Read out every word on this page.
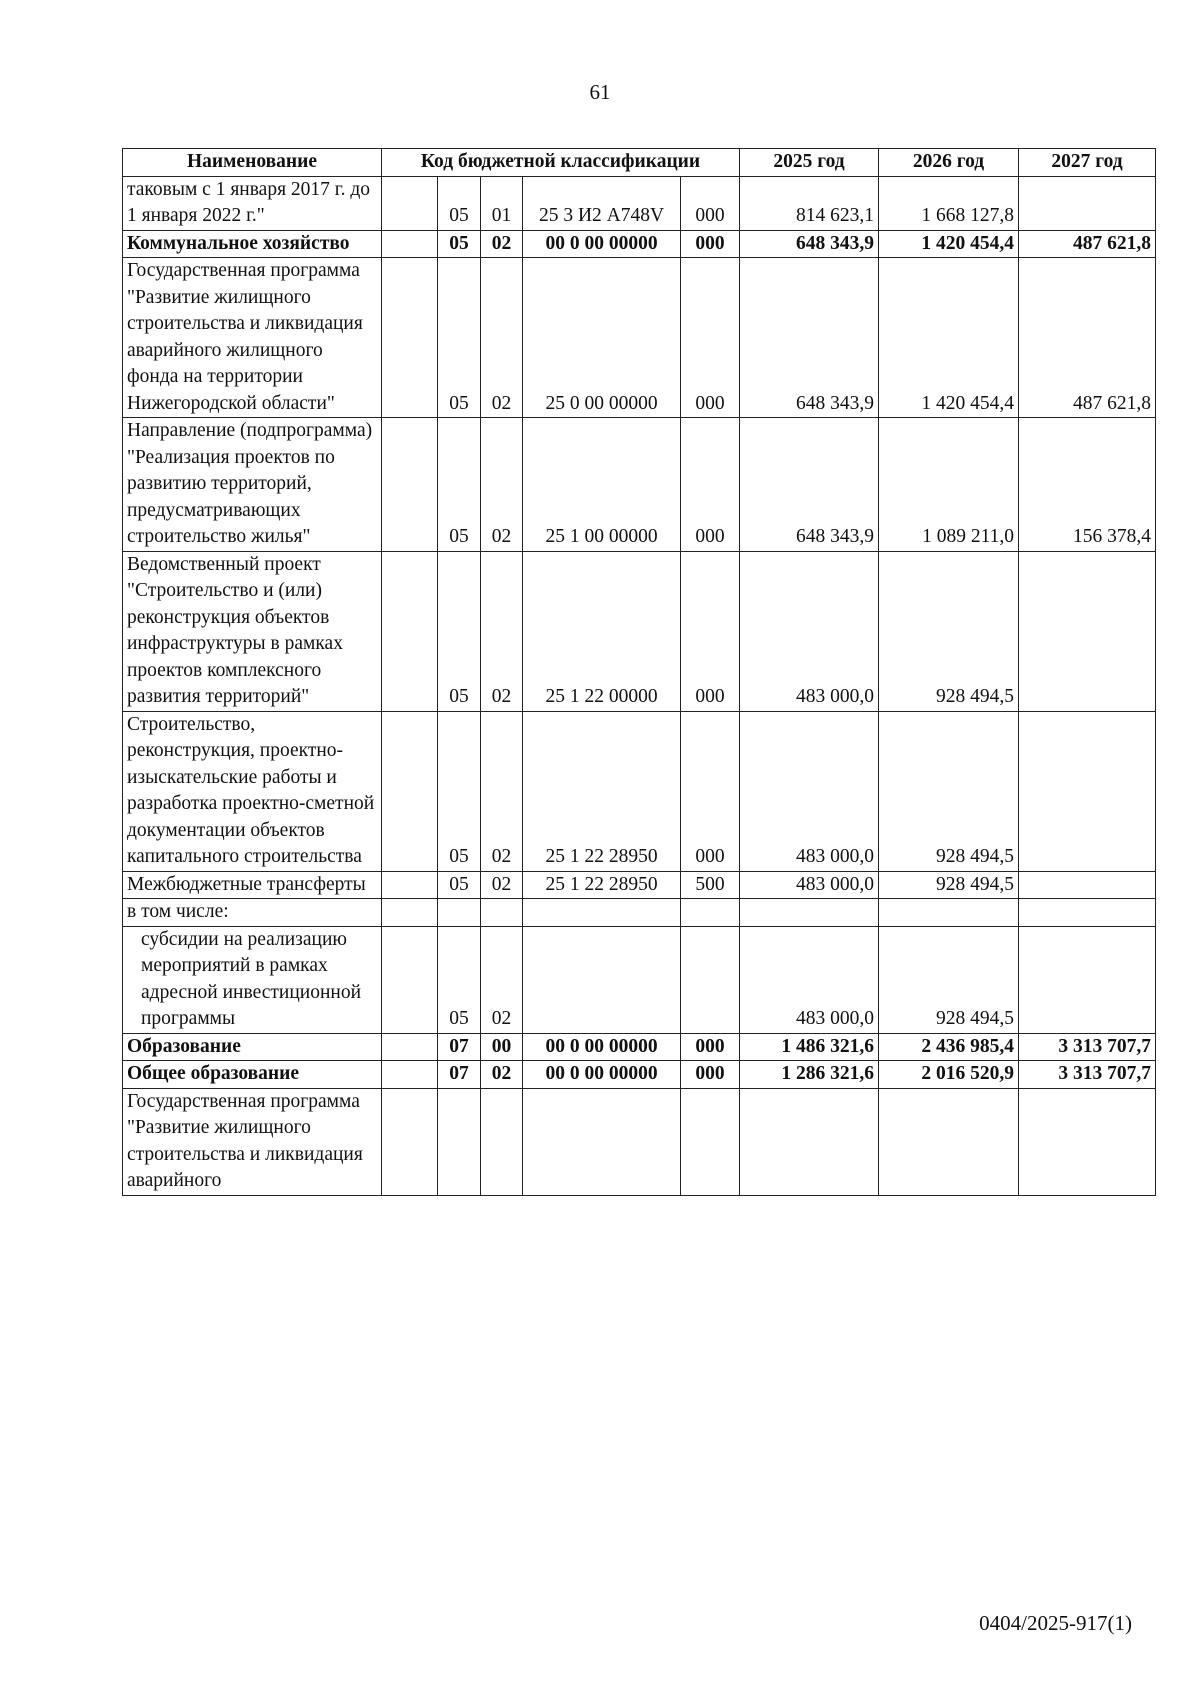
61
Наименование	Код бюджетной классификации					2025 год	2026 год	2027 год
таковым с 1 января 2017 г. до 1 января 2022 г."		05	01	25 3 И2 А748V	000	814 623,1	1 668 127,8	
Коммунальное хозяйство		05	02	00 0 00 00000	000	648 343,9	1 420 454,4	487 621,8
Государственная программа "Развитие жилищного строительства и ликвидация аварийного жилищного фонда на территории Нижегородской области"		05	02	25 0 00 00000	000	648 343,9	1 420 454,4	487 621,8
Направление (подпрограмма) "Реализация проектов по развитию территорий, предусматривающих строительство жилья"		05	02	25 1 00 00000	000	648 343,9	1 089 211,0	156 378,4
Ведомственный проект "Строительство и (или) реконструкция объектов инфраструктуры в рамках проектов комплексного развития территорий"		05	02	25 1 22 00000	000	483 000,0	928 494,5	
Строительство, реконструкция, проектно-изыскательские работы и разработка проектно-сметной документации объектов капитального строительства		05	02	25 1 22 28950	000	483 000,0	928 494,5	
Межбюджетные трансферты		05	02	25 1 22 28950	500	483 000,0	928 494,5	
в том числе:								
субсидии на реализацию мероприятий в рамках адресной инвестиционной программы		05	02			483 000,0	928 494,5	
Образование		07	00	00 0 00 00000	000	1 486 321,6	2 436 985,4	3 313 707,7
Общее образование		07	02	00 0 00 00000	000	1 286 321,6	2 016 520,9	3 313 707,7
Государственная программа "Развитие жилищного строительства и ликвидация аварийного								
0404/2025-917(1)
